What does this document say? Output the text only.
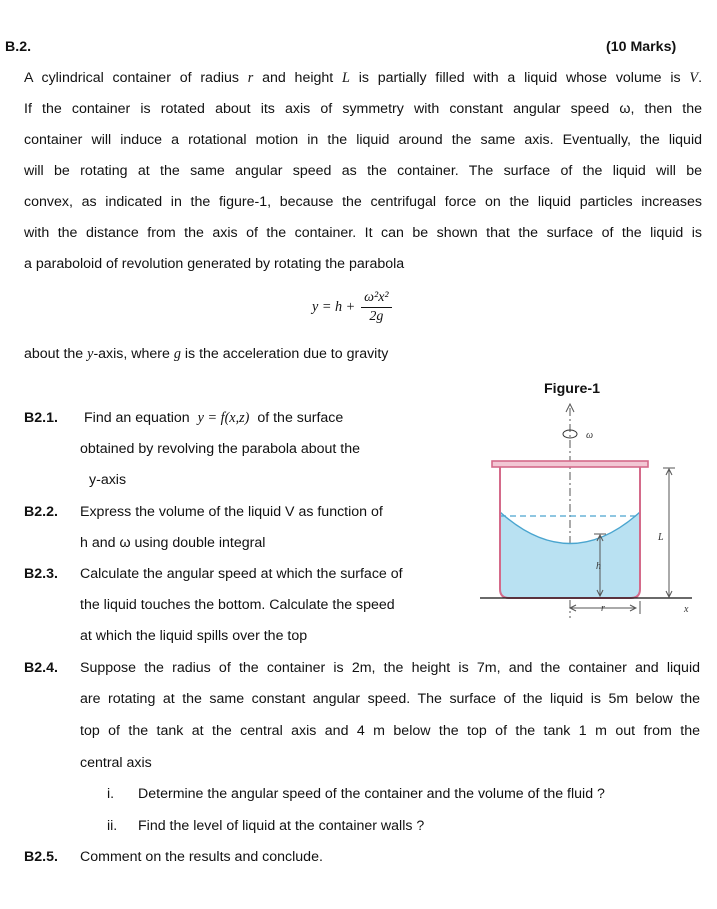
B.2.	(10 Marks)
A cylindrical container of radius r and height L is partially filled with a liquid whose volume is V.
If the container is rotated about its axis of symmetry with constant angular speed ω, then the
container will induce a rotational motion in the liquid around the same axis. Eventually, the liquid
will be rotating at the same angular speed as the container. The surface of the liquid will be
convex, as indicated in the figure-1, because the centrifugal force on the liquid particles increases
with the distance from the axis of the container. It can be shown that the surface of the liquid is
a paraboloid of revolution generated by rotating the parabola
$y = h + \frac{\text{ω²x²}}{2g}$
about the y-axis, where g is the acceleration due to gravity
Figure-1
ω
L
h
r	x
B2.1. Find an equation y = f(x,z) of the surface
obtained by revolving the parabola about the
y-axis
B2.2. Express the volume of the liquid V as function of
h and ω using double integral
B2.3. Calculate the angular speed at which the surface of
the liquid touches the bottom. Calculate the speed
at which the liquid spills over the top
B2.4. Suppose the radius of the container is 2m, the height is 7m, and the container and liquid
are rotating at the same constant angular speed. The surface of the liquid is 5m below the
top of the tank at the central axis and 4 m below the top of the tank 1 m out from the
central axis
i. Determine the angular speed of the container and the volume of the fluid ?
ii. Find the level of liquid at the container walls ?
B2.5. Comment on the results and conclude.
